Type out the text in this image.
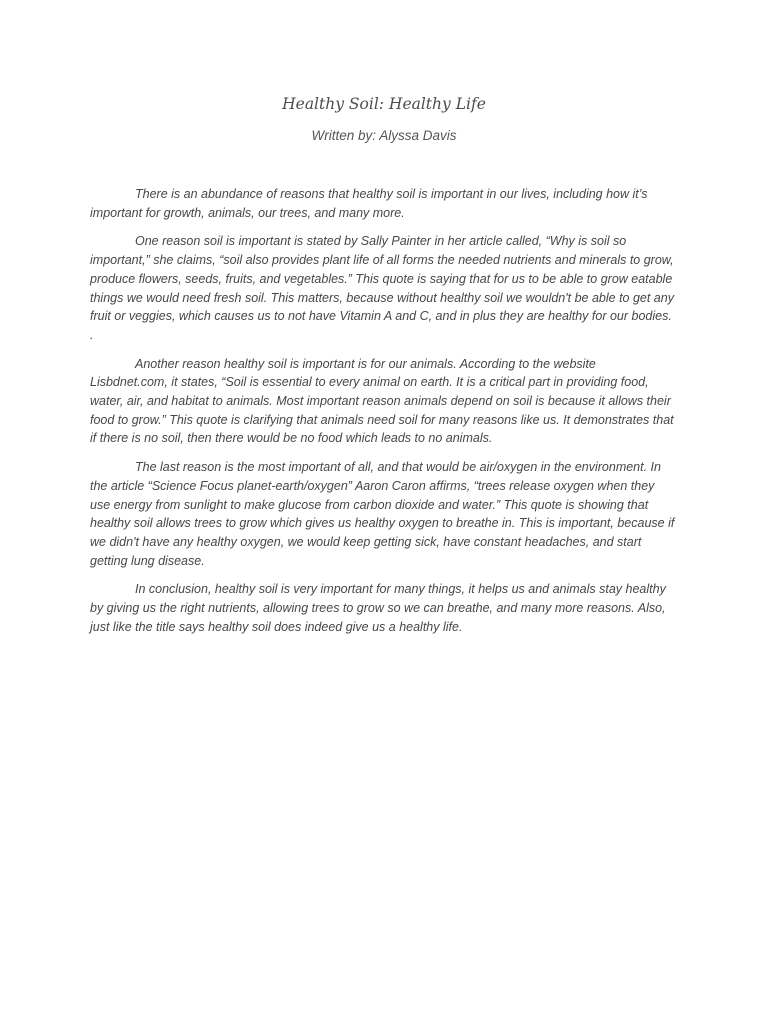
Healthy Soil: Healthy Life
Written by: Alyssa Davis

There is an abundance of reasons that healthy soil is important in our lives, including how it’s important for growth, animals, our trees, and many more.

One reason soil is important is stated by Sally Painter in her article called, “Why is soil so important,” she claims, “soil also provides plant life of all forms the needed nutrients and minerals to grow, produce flowers, seeds, fruits, and vegetables.” This quote is saying that for us to be able to grow eatable things we would need fresh soil. This matters, because without healthy soil we wouldn't be able to get any fruit or veggies, which causes us to not have Vitamin A and C, and in plus they are healthy for our bodies. .

Another reason healthy soil is important is for our animals. According to the website Lisbdnet.com, it states, “Soil is essential to every animal on earth. It is a critical part in providing food, water, air, and habitat to animals. Most important reason animals depend on soil is because it allows their food to grow.” This quote is clarifying that animals need soil for many reasons like us. It demonstrates that if there is no soil, then there would be no food which leads to no animals.

The last reason is the most important of all, and that would be air/oxygen in the environment. In the article “Science Focus planet-earth/oxygen” Aaron Caron affirms, “trees release oxygen when they use energy from sunlight to make glucose from carbon dioxide and water.” This quote is showing that healthy soil allows trees to grow which gives us healthy oxygen to breathe in. This is important, because if we didn't have any healthy oxygen, we would keep getting sick, have constant headaches, and start getting lung disease.

In conclusion, healthy soil is very important for many things, it helps us and animals stay healthy by giving us the right nutrients, allowing trees to grow so we can breathe, and many more reasons. Also, just like the title says healthy soil does indeed give us a healthy life.
